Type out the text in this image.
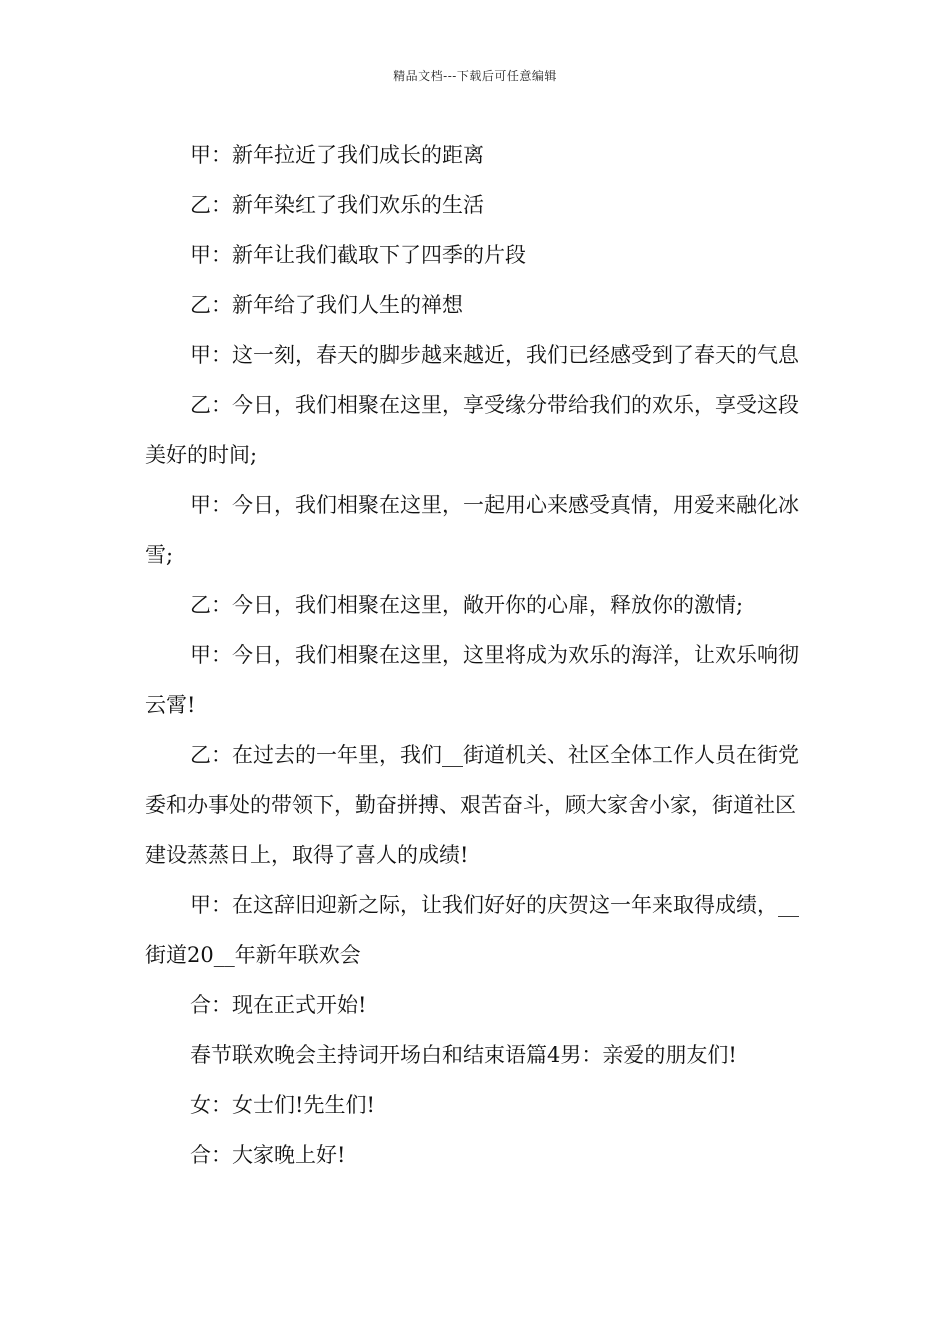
精品文档---下载后可任意编辑

甲：新年拉近了我们成长的距离

乙：新年染红了我们欢乐的生活

甲：新年让我们截取下了四季的片段

乙：新年给了我们人生的禅想

甲：这一刻，春天的脚步越来越近，我们已经感受到了春天的气息

乙：今日，我们相聚在这里，享受缘分带给我们的欢乐，享受这段美好的时间;

甲：今日，我们相聚在这里，一起用心来感受真情，用爱来融化冰雪;

乙：今日，我们相聚在这里，敞开你的心扉，释放你的激情;

甲：今日，我们相聚在这里，这里将成为欢乐的海洋，让欢乐响彻云霄!

乙：在过去的一年里，我们__街道机关、社区全体工作人员在街党委和办事处的带领下，勤奋拼搏、艰苦奋斗，顾大家舍小家，街道社区建设蒸蒸日上，取得了喜人的成绩!

甲：在这辞旧迎新之际，让我们好好的庆贺这一年来取得成绩，__街道20__年新年联欢会

合：现在正式开始!

春节联欢晚会主持词开场白和结束语篇4男：亲爱的朋友们!

女：女士们!先生们!

合：大家晚上好!
